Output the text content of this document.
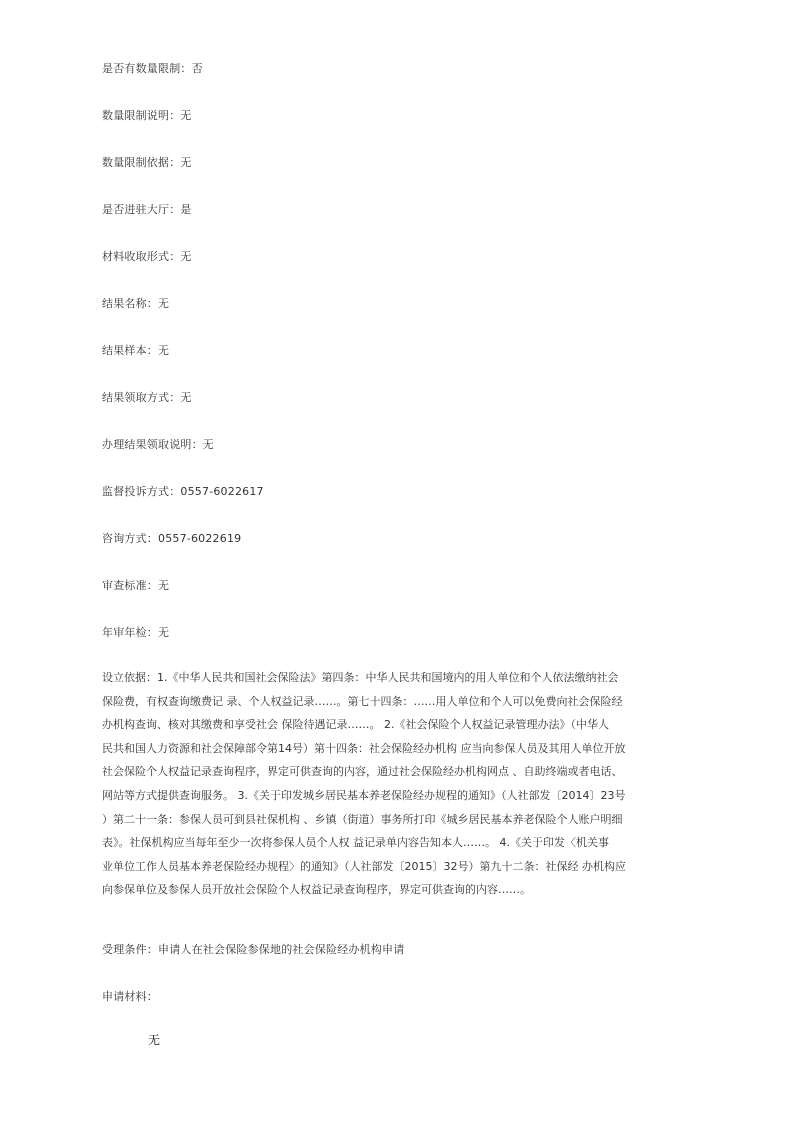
是否有数量限制：否
数量限制说明：无
数量限制依据：无
是否进驻大厅：是
材料收取形式：无
结果名称：无
结果样本：无
结果领取方式：无
办理结果领取说明：无
监督投诉方式：0557-6022617
咨询方式：0557-6022619
审查标准：无
年审年检：无
设立依据：1.《中华人民共和国社会保险法》第四条：中华人民共和国境内的用人单位和个人依法缴纳社会
保险费，有权查询缴费记 录、个人权益记录……。第七十四条：……用人单位和个人可以免费向社会保险经
办机构查询、核对其缴费和享受社会 保险待遇记录……。 2.《社会保险个人权益记录管理办法》（中华人
民共和国人力资源和社会保障部令第14号）第十四条：社会保险经办机构 应当向参保人员及其用人单位开放
社会保险个人权益记录查询程序，界定可供查询的内容，通过社会保险经办机构网点 、自助终端或者电话、
网站等方式提供查询服务。 3.《关于印发城乡居民基本养老保险经办规程的通知》（人社部发〔2014〕23号
）第二十一条：参保人员可到县社保机构 、乡镇（街道）事务所打印《城乡居民基本养老保险个人账户明细
表》。社保机构应当每年至少一次将参保人员个人权 益记录单内容告知本人……。 4.《关于印发〈机关事
业单位工作人员基本养老保险经办规程〉的通知》（人社部发〔2015〕32号）第九十二条：社保经 办机构应
向参保单位及参保人员开放社会保险个人权益记录查询程序，界定可供查询的内容……。
受理条件：申请人在社会保险参保地的社会保险经办机构申请
申请材料：
无
